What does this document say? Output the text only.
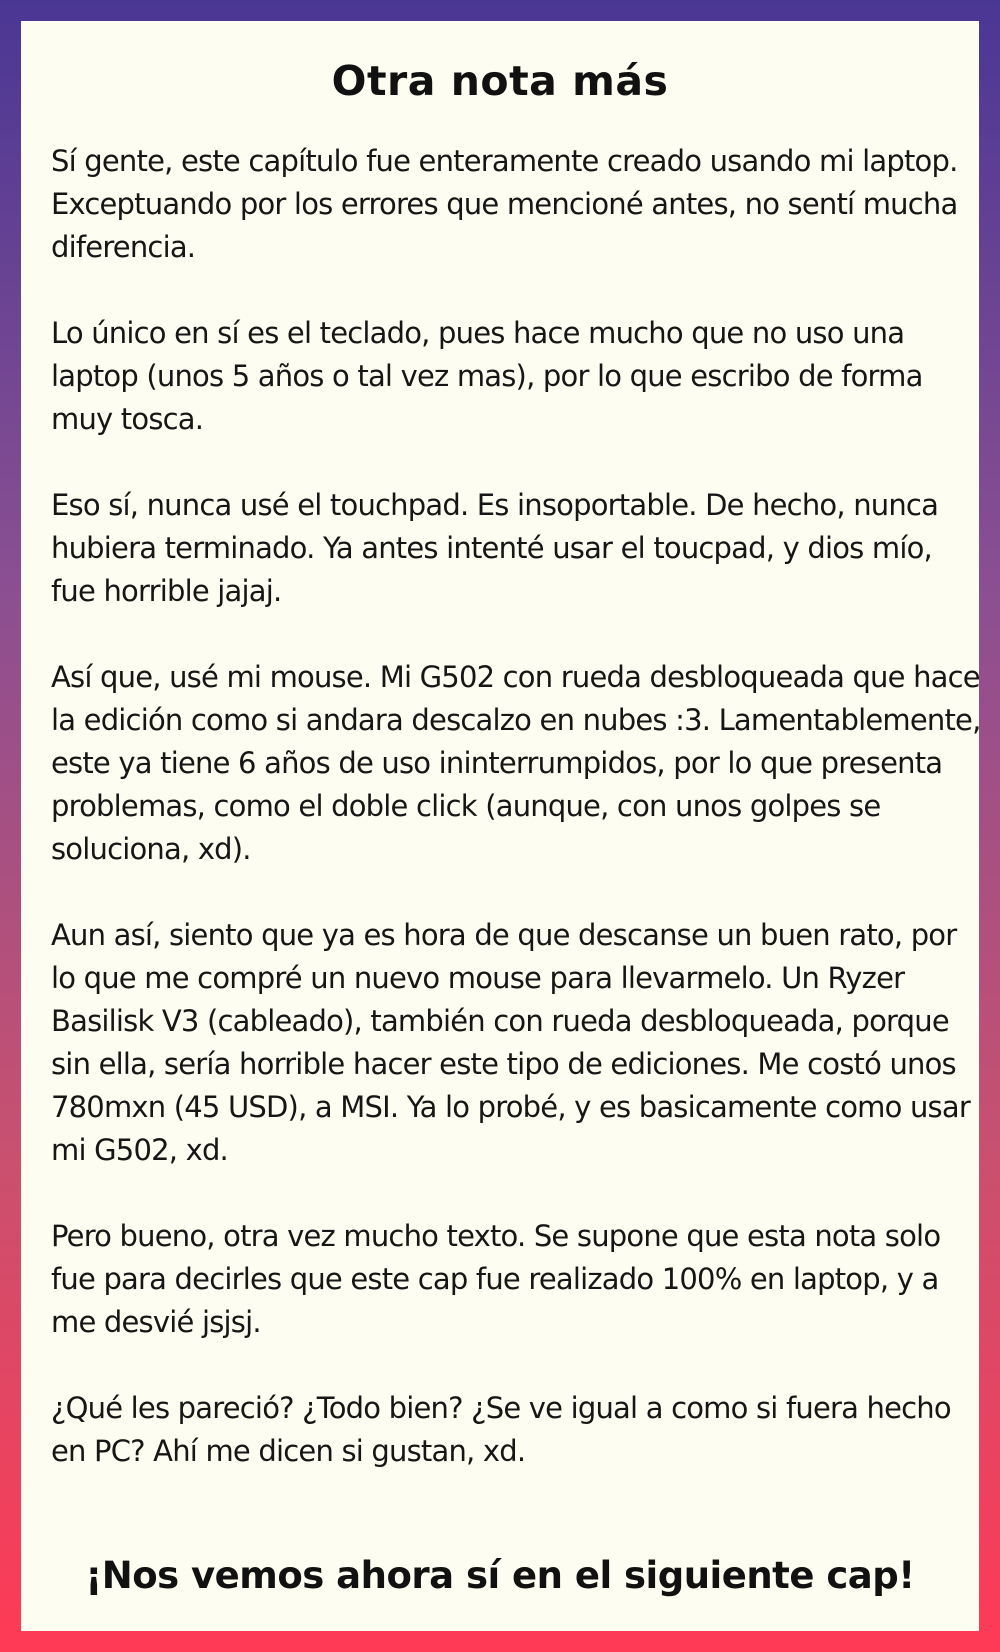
Otra nota más

Sí gente, este capítulo fue enteramente creado usando mi laptop. Exceptuando por los errores que mencioné antes, no sentí mucha diferencia.

Lo único en sí es el teclado, pues hace mucho que no uso una laptop (unos 5 años o tal vez mas), por lo que escribo de forma muy tosca.

Eso sí, nunca usé el touchpad. Es insoportable. De hecho, nunca hubiera terminado. Ya antes intenté usar el toucpad, y dios mío, fue horrible jajaj.

Así que, usé mi mouse. Mi G502 con rueda desbloqueada que hace la edición como si andara descalzo en nubes :3. Lamentablemente, este ya tiene 6 años de uso ininterrumpidos, por lo que presenta problemas, como el doble click (aunque, con unos golpes se soluciona, xd).

Aun así, siento que ya es hora de que descanse un buen rato, por lo que me compré un nuevo mouse para llevarmelo. Un Ryzer Basilisk V3 (cableado), también con rueda desbloqueada, porque sin ella, sería horrible hacer este tipo de ediciones. Me costó unos 780mxn (45 USD), a MSI. Ya lo probé, y es basicamente como usar mi G502, xd.

Pero bueno, otra vez mucho texto. Se supone que esta nota solo fue para decirles que este cap fue realizado 100% en laptop, y a me desvié jsjsj.

¿Qué les pareció? ¿Todo bien? ¿Se ve igual a como si fuera hecho en PC? Ahí me dicen si gustan, xd.

¡Nos vemos ahora sí en el siguiente cap!
